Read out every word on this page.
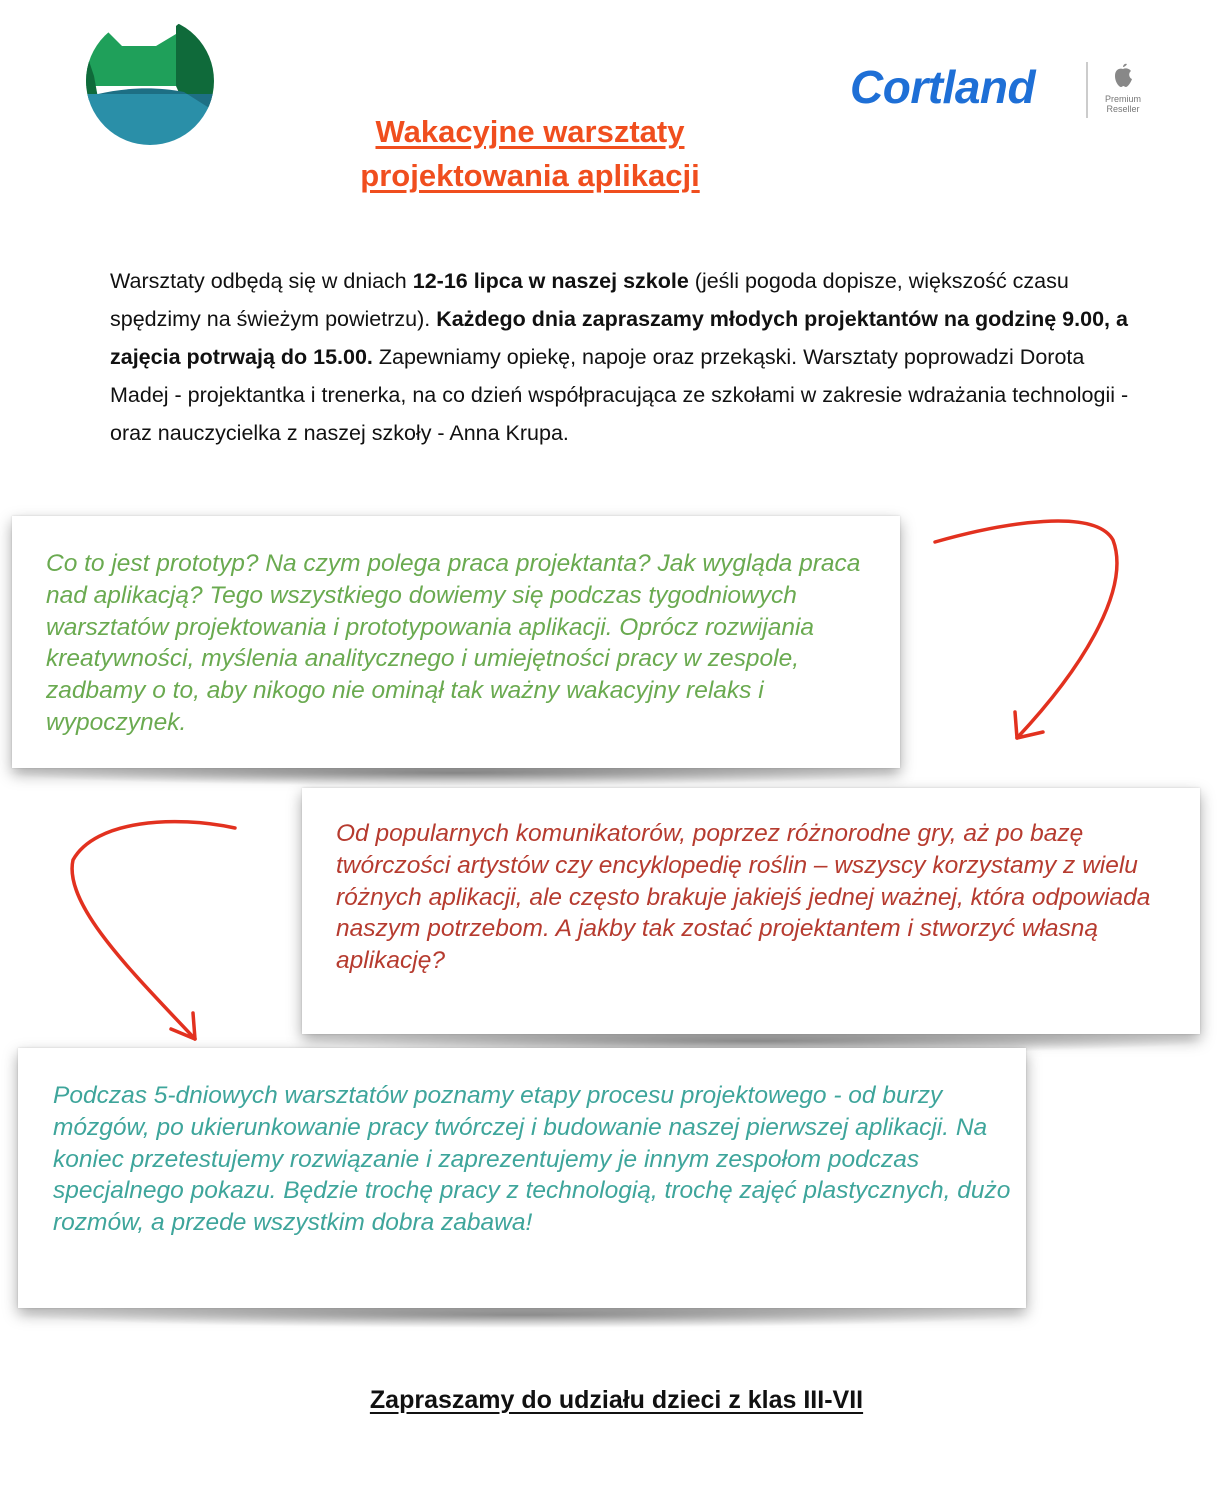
Cortland	Premium
Reseller
Wakacyjne warsztaty
projektowania aplikacji
Warsztaty odbędą się w dniach 12-16 lipca w naszej szkole (jeśli pogoda dopisze, większość czasu spędzimy na świeżym powietrzu). Każdego dnia zapraszamy młodych projektantów na godzinę 9.00, a zajęcia potrwają do 15.00. Zapewniamy opiekę, napoje oraz przekąski. Warsztaty poprowadzi Dorota Madej - projektantka i trenerka, na co dzień współpracująca ze szkołami w zakresie wdrażania technologii - oraz nauczycielka z naszej szkoły - Anna Krupa.

Co to jest prototyp? Na czym polega praca projektanta? Jak wygląda praca nad aplikacją? Tego wszystkiego dowiemy się podczas tygodniowych warsztatów projektowania i prototypowania aplikacji. Oprócz rozwijania kreatywności, myślenia analitycznego i umiejętności pracy w zespole, zadbamy o to, aby nikogo nie ominął tak ważny wakacyjny relaks i wypoczynek.

Od popularnych komunikatorów, poprzez różnorodne gry, aż po bazę twórczości artystów czy encyklopedię roślin – wszyscy korzystamy z wielu różnych aplikacji, ale często brakuje jakiejś jednej ważnej, która odpowiada naszym potrzebom. A jakby tak zostać projektantem i stworzyć własną aplikację?

Podczas 5-dniowych warsztatów poznamy etapy procesu projektowego - od burzy mózgów, po ukierunkowanie pracy twórczej i budowanie naszej pierwszej aplikacji. Na koniec przetestujemy rozwiązanie i zaprezentujemy je innym zespołom podczas specjalnego pokazu. Będzie trochę pracy z technologią, trochę zajęć plastycznych, dużo rozmów, a przede wszystkim dobra zabawa!

Zapraszamy do udziału dzieci z klas III-VII
